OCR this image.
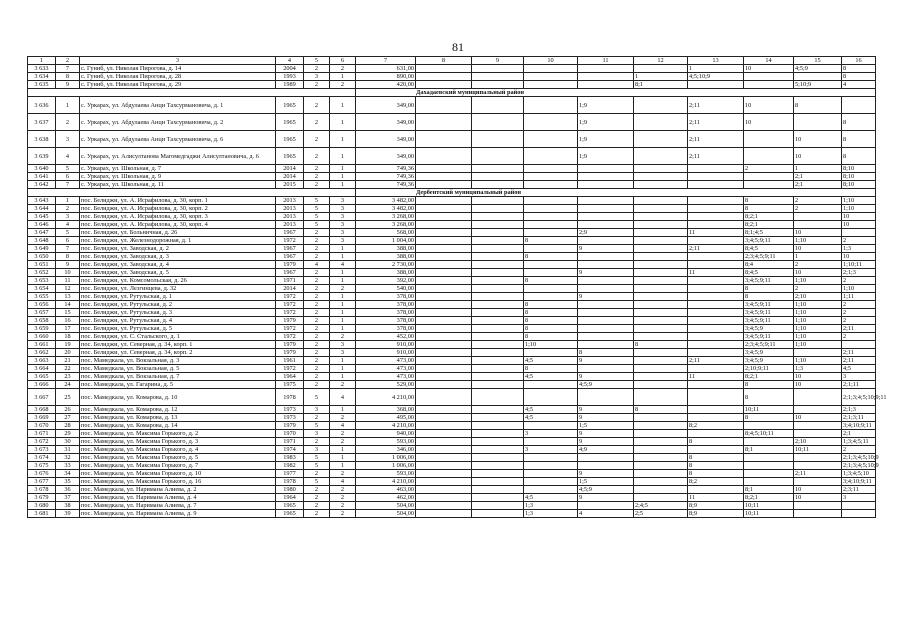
81
1	2	3	4	5	6	7	8	9	10	11	12	13	14	15	16
3 633	7	с. Гуниб, ул. Николая Пирогова, д. 14	2004	2	2	631,00						1	10	4;5;9	8
3 634	8	с. Гуниб, ул. Николая Пирогова, д. 28	1993	3	1	890,00					1	4;5;10;9			8
3 635	9	с. Гуниб, ул. Николая Пирогова, д. 29	1989	2	2	420,00					8;1			5;10;9	4
						Дахадаевский муниципальный район									
3 636	1	с. Уркарах, ул. Абдулаева Анци Тахсурмановича, д. 1	1965	2	1	349,00				1;9		2;11	10	8	
3 637	2	с. Уркарах, ул. Абдулаева Анци Тахсурмановича, д. 2	1965	2	1	349,00				1;9		2;11	10		8
3 638	3	с. Уркарах, ул. Абдулаева Анци Тахсурмановича, д. 6	1965	2	1	349,00				1;9		2;11		10	8
3 639	4	с. Уркарах, ул. Алисултанова Магомедгаджи Алисултановича, д. 6	1965	2	1	349,00				1;9		2;11		10	8
3 640	5	с. Уркарах, ул. Школьная, д. 7	2014	2	1	749,36							2	1	8;10
3 641	6	с. Уркарах, ул. Школьная, д. 9	2014	2	1	749,36								2;1	8;10
3 642	7	с. Уркарах, ул. Школьная, д. 11	2015	2	1	749,36								2;1	8;10
						Дербентский муниципальный район									
3 643	1	пос. Белиджи, ул. А. Исрафилова, д. 30, корп. 1	2013	5	3	3 482,00							8	2	1;10
3 644	2	пос. Белиджи, ул. А. Исрафилова, д. 30, корп. 2	2013	5	3	3 482,00							8	2	1;10
3 645	3	пос. Белиджи, ул. А. Исрафилова, д. 30, корп. 3	2013	5	3	3 268,00							8;2;1		10
3 646	4	пос. Белиджи, ул. А. Исрафилова, д. 30, корп. 4	2013	5	3	3 268,00							8;2;1		10
3 647	5	пос. Белиджи, ул. Больничная, д. 26	1967	2	3	568,00				2;9		11	8;1;4;5	10	
3 648	6	пос. Белиджи, ул. Железнодорожная, д. 1	1972	2	3	1 004,00			8				3;4;5;9;11	1;10	2
3 649	7	пос. Белиджи, ул. Заводская, д. 2	1967	2	1	388,00				9		2;11	8;4;5	10	1;3
3 650	8	пос. Белиджи, ул. Заводская, д. 3	1967	2	1	388,00			8				2;3;4;5;9;11	1	10
3 651	9	пос. Белиджи, ул. Заводская, д. 4	1979	4	4	2 730,00							8;4	2	1;10;11
3 652	10	пос. Белиджи, ул. Заводская, д. 5	1967	2	1	388,00				9		11	8;4;5	10	2;1;3
3 653	11	пос. Белиджи, ул. Комсомольская, д. 26	1971	2	1	392,00			8				3;4;5;9;11	1;10	2
3 654	12	пос. Белиджи, ул. Лезгинцева, д. 32	2014	2	2	540,00							8	2	1;10
3 655	13	пос. Белиджи, ул. Рутульская, д. 1	1972	2	1	378,00				9			8	2;10	1;11
3 656	14	пос. Белиджи, ул. Рутульская, д. 2	1972	2	1	378,00			8				3;4;5;9;11	1;10	2
3 657	15	пос. Белиджи, ул. Рутульская, д. 3	1972	2	1	378,00			8				3;4;5;9;11	1;10	2
3 658	16	пос. Белиджи, ул. Рутульская, д. 4	1979	2	1	378,00			8				3;4;5;9;11	1;10	2
3 659	17	пос. Белиджи, ул. Рутульская, д. 5	1972	2	1	378,00			8				3;4;5;9	1;10	2;11
3 660	18	пос. Белиджи, ул. С. Стальского, д. 1	1972	2	2	452,00			8				3;4;5;9;11	1;10	2
3 661	19	пос. Белиджи, ул. Северная, д. 34, корп. 1	1979	2	3	910,00			1;10		8		2;3;4;5;9;11	1;10	
3 662	20	пос. Белиджи, ул. Северная, д. 34, корп. 2	1979	2	3	910,00				8			3;4;5;9		2;11
3 663	21	пос. Мамедкала, ул. Вокзальная, д. 3	1961	2	1	473,00			4;5	9		2;11	3;4;5;9	1;10	2;11
3 664	22	пос. Мамедкала, ул. Вокзальная, д. 5	1972	2	1	473,00			8				2;10;9;11	1;3	4;5
3 665	23	пос. Мамедкала, ул. Вокзальная, д. 7	1964	2	1	473,00			4;5	9		11	8;2;1	10	3
3 666	24	пос. Мамедкала, ул. Гагарина, д. 5	1975	2	2	529,00				4;5;9			8	10	2;1;11
3 667	25	пос. Мамедкала, ул. Комарова, д. 10	1978	5	4	4 210,00							8		2;1;3;4;5;10;9;11
3 668	26	пос. Мамедкала, ул. Комарова, д. 12	1973	3	1	368,00			4;5	9	8		10;11		2;1;3
3 669	27	пос. Мамедкала, ул. Комарова, д. 13	1973	2	2	495,00			4;5	9			8	10	2;1;3;11
3 670	28	пос. Мамедкала, ул. Комарова, д. 14	1979	5	4	4 210,00				1;5		8;2			3;4;10;9;11
3 671	29	пос. Мамедкала, ул. Максима Горького, д. 2	1970	3	2	940,00			3	9			8;4;5;10;11		2;1
3 672	30	пос. Мамедкала, ул. Максима Горького, д. 3	1971	2	2	593,00				9		8		2;10	1;3;4;5;11
3 673	31	пос. Мамедкала, ул. Максима Горького, д. 4	1974	3	1	346,00			3	4;9			8;1	10;11	2
3 674	32	пос. Мамедкала, ул. Максима Горького, д. 5	1983	5	1	1 006,00						8			2;1;3;4;5;10;9
3 675	33	пос. Мамедкала, ул. Максима Горького, д. 7	1982	5	1	1 006,00						8			2;1;3;4;5;10;9
3 676	34	пос. Мамедкала, ул. Максима Горького, д. 10	1977	2	2	593,00				9		8		2;11	1;3;4;5;10
3 677	35	пос. Мамедкала, ул. Максима Горького, д. 16	1978	5	4	4 210,00				1;5		8;2			3;4;10;9;11
3 678	36	пос. Мамедкала, ул. Нариманa Алиева, д. 2	1980	2	2	463,00				4;5;9			8;1	10	2;3;11
3 679	37	пос. Мамедкала, ул. Нариманa Алиева, д. 4	1964	2	2	462,00			4;5	9		11	8;2;1	10	3
3 680	38	пос. Мамедкала, ул. Нариманa Алиева, д. 7	1965	2	2	504,00			1;3		2;4;5	8;9	10;11		
3 681	39	пос. Мамедкала, ул. Нариманa Алиева, д. 9	1965	2	2	504,00			1;3	4	2;5	8;9	10;11		
